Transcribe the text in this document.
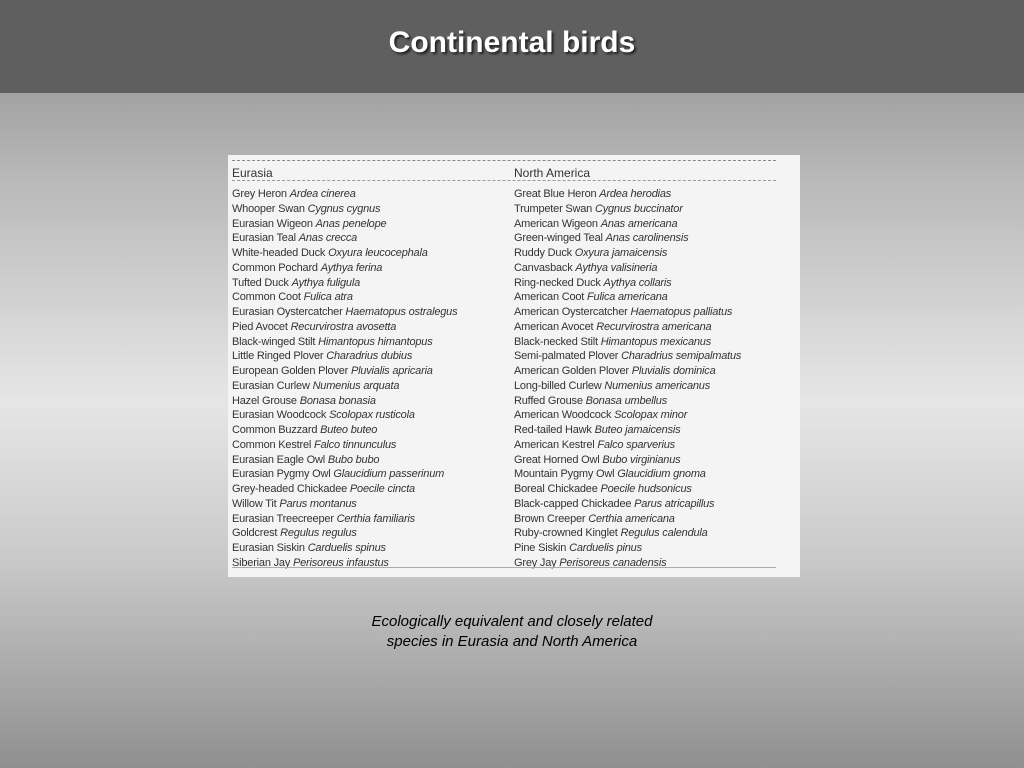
Continental birds
Eurasia
Grey Heron Ardea cinerea
Whooper Swan Cygnus cygnus
Eurasian Wigeon Anas penelope
Eurasian Teal Anas crecca
White-headed Duck Oxyura leucocephala
Common Pochard Aythya ferina
Tufted Duck Aythya fuligula
Common Coot Fulica atra
Eurasian Oystercatcher Haematopus ostralegus
Pied Avocet Recurvirostra avosetta
Black-winged Stilt Himantopus himantopus
Little Ringed Plover Charadrius dubius
European Golden Plover Pluvialis apricaria
Eurasian Curlew Numenius arquata
Hazel Grouse Bonasa bonasia
Eurasian Woodcock Scolopax rusticola
Common Buzzard Buteo buteo
Common Kestrel Falco tinnunculus
Eurasian Eagle Owl Bubo bubo
Eurasian Pygmy Owl Glaucidium passerinum
Grey-headed Chickadee Poecile cincta
Willow Tit Parus montanus
Eurasian Treecreeper Certhia familiaris
Goldcrest Regulus regulus
Eurasian Siskin Carduelis spinus
Siberian Jay Perisoreus infaustus
North America
Great Blue Heron Ardea herodias
Trumpeter Swan Cygnus buccinator
American Wigeon Anas americana
Green-winged Teal Anas carolinensis
Ruddy Duck Oxyura jamaicensis
Canvasback Aythya valisineria
Ring-necked Duck Aythya collaris
American Coot Fulica americana
American Oystercatcher Haematopus palliatus
American Avocet Recurvirostra americana
Black-necked Stilt Himantopus mexicanus
Semi-palmated Plover Charadrius semipalmatus
American Golden Plover Pluvialis dominica
Long-billed Curlew Numenius americanus
Ruffed Grouse Bonasa umbellus
American Woodcock Scolopax minor
Red-tailed Hawk Buteo jamaicensis
American Kestrel Falco sparverius
Great Horned Owl Bubo virginianus
Mountain Pygmy Owl Glaucidium gnoma
Boreal Chickadee Poecile hudsonicus
Black-capped Chickadee Parus atricapillus
Brown Creeper Certhia americana
Ruby-crowned Kinglet Regulus calendula
Pine Siskin Carduelis pinus
Grey Jay Perisoreus canadensis
Ecologically equivalent and closely related
species in Eurasia and North America
